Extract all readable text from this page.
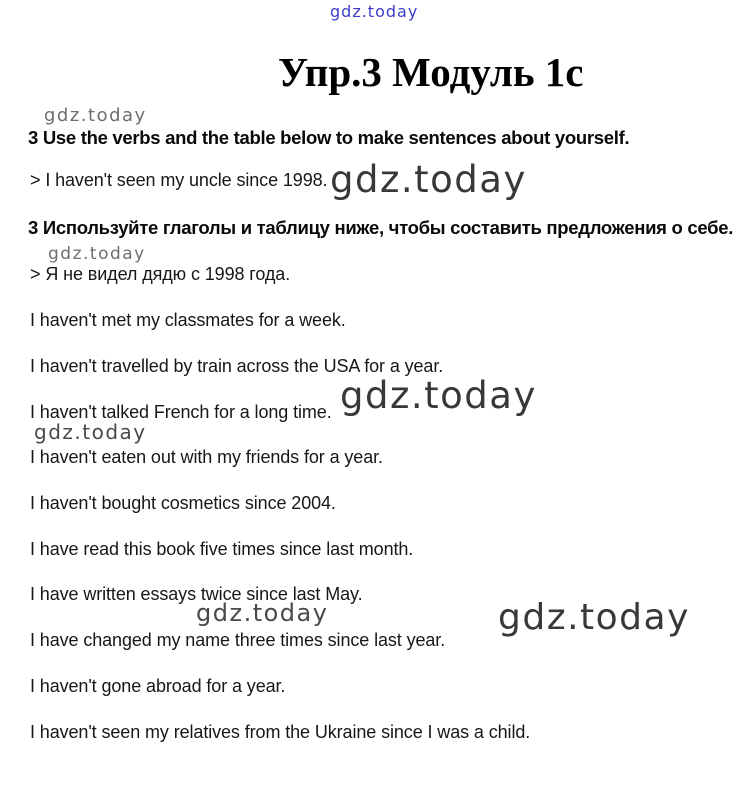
gdz.today
gdz.today
gdz.today
gdz.today
gdz.today
gdz.today
gdz.today	gdz.today
Упр.3 Модуль 1c
3 Use the verbs and the table below to make sentences about yourself.
> I haven't seen my uncle since 1998.
3 Используйте глаголы и таблицу ниже, чтобы составить предложения о себе.
> Я не видел дядю с 1998 года.
I haven't met my classmates for a week.
I haven't travelled by train across the USA for a year.
I haven't talked French for a long time.
I haven't eaten out with my friends for a year.
I haven't bought cosmetics since 2004.
I have read this book five times since last month.
I have written essays twice since last May.
I have changed my name three times since last year.
I haven't gone abroad for a year.
I haven't seen my relatives from the Ukraine since I was a child.
